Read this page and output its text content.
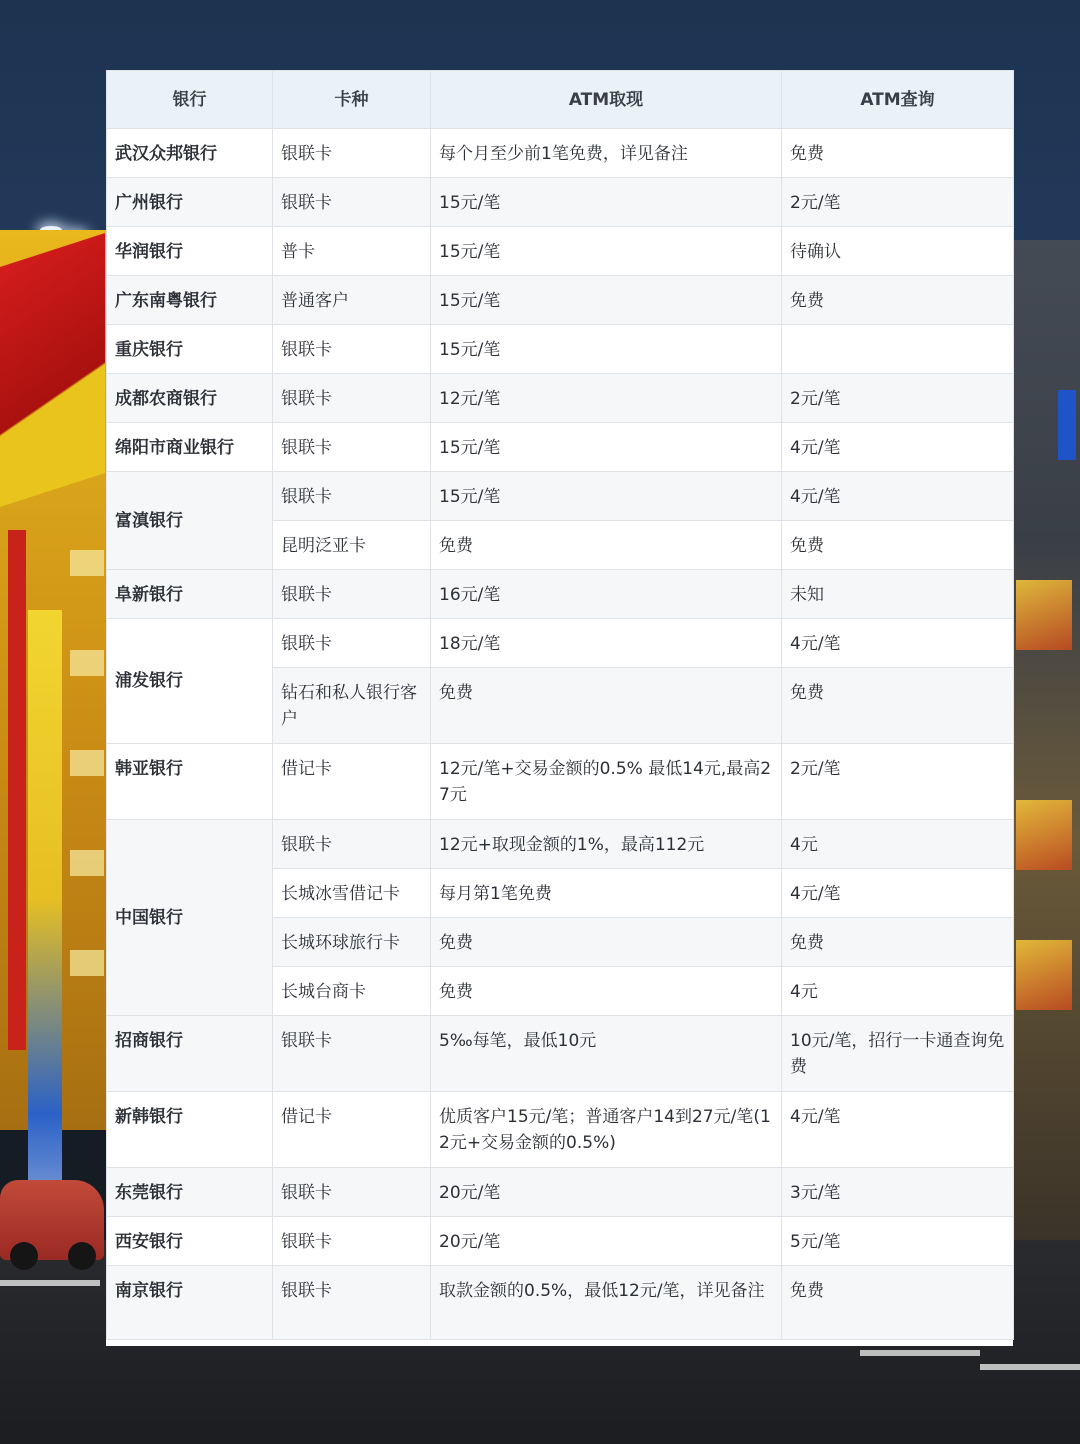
银行	卡种	ATM取现	ATM查询
武汉众邦银行	银联卡	每个月至少前1笔免费，详见备注	免费
广州银行	银联卡	15元/笔	2元/笔
华润银行	普卡	15元/笔	待确认
广东南粤银行	普通客户	15元/笔	免费
重庆银行	银联卡	15元/笔	
成都农商银行	银联卡	12元/笔	2元/笔
绵阳市商业银行	银联卡	15元/笔	4元/笔
富滇银行	银联卡	15元/笔	4元/笔
	昆明泛亚卡	免费	免费
阜新银行	银联卡	16元/笔	未知
浦发银行	银联卡	18元/笔	4元/笔
	钻石和私人银行客户	免费	免费
韩亚银行	借记卡	12元/笔+交易金额的0.5% 最低14元,最高27元	2元/笔
中国银行	银联卡	12元+取现金额的1%，最高112元	4元
	长城冰雪借记卡	每月第1笔免费	4元/笔
	长城环球旅行卡	免费	免费
	长城台商卡	免费	4元
招商银行	银联卡	5‰每笔，最低10元	10元/笔，招行一卡通查询免费
新韩银行	借记卡	优质客户15元/笔；普通客户14到27元/笔(12元+交易金额的0.5%)	4元/笔
东莞银行	银联卡	20元/笔	3元/笔
西安银行	银联卡	20元/笔	5元/笔
南京银行	银联卡	取款金额的0.5%，最低12元/笔，详见备注	免费
